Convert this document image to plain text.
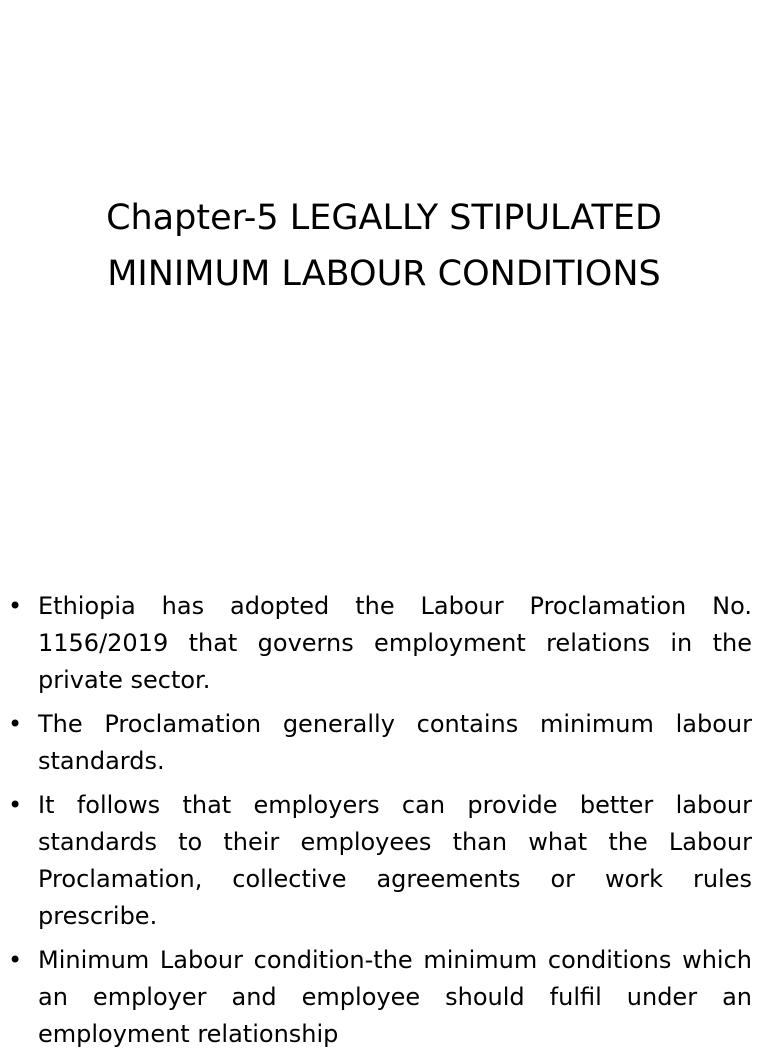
Chapter-5 LEGALLY STIPULATED
MINIMUM LABOUR CONDITIONS
• Ethiopia has adopted the Labour Proclamation No. 1156/2019 that governs employment relations in the private sector.
• The Proclamation generally contains minimum labour standards.
• It follows that employers can provide better labour standards to their employees than what the Labour Proclamation, collective agreements or work rules prescribe.
• Minimum Labour condition-the minimum conditions which an employer and employee should fulfil under an employment relationship
